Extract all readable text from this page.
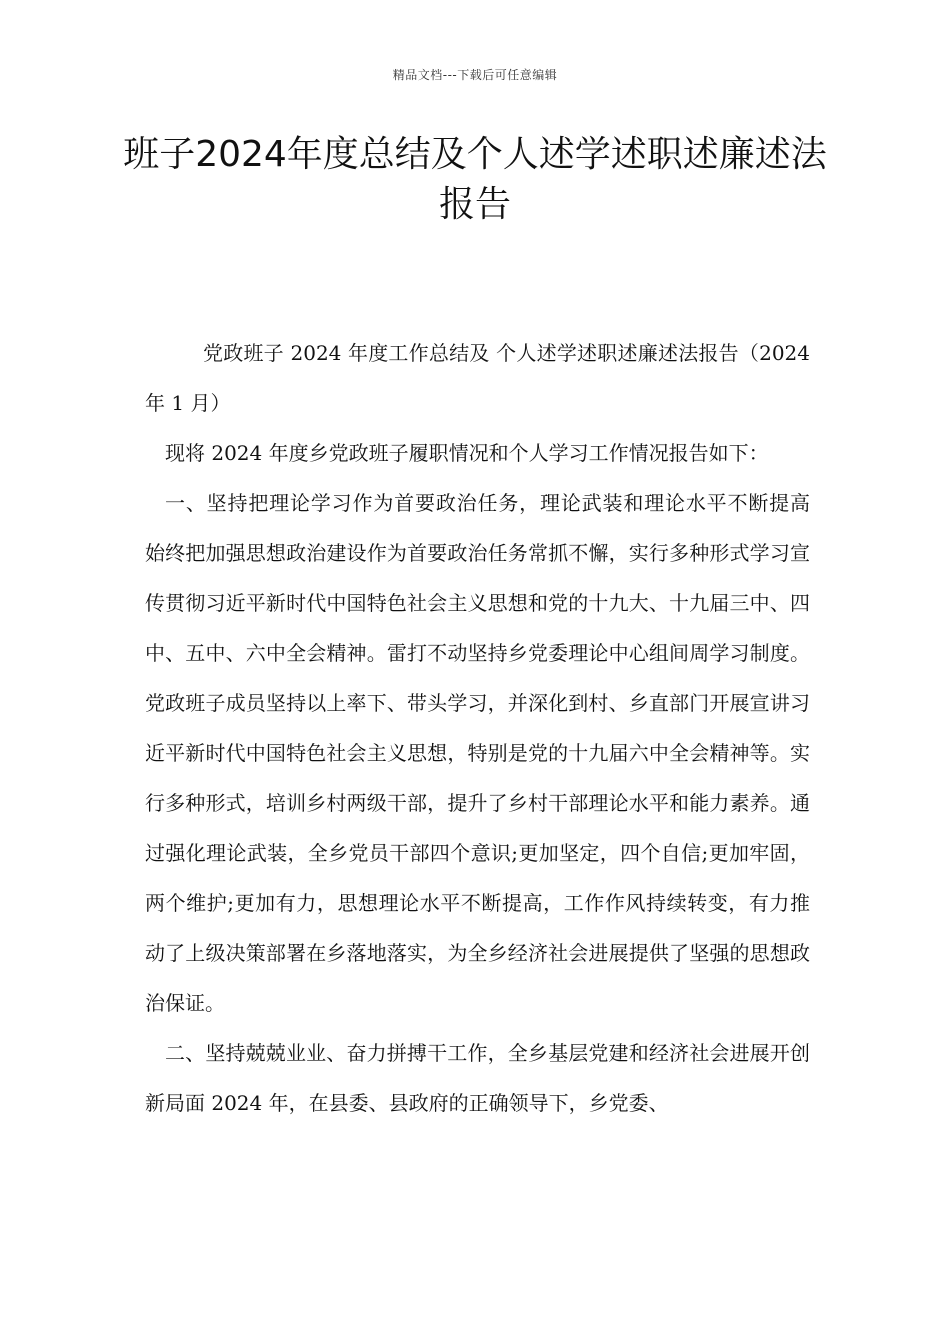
精品文档---下载后可任意编辑
班子2024年度总结及个人述学述职述廉述法报告

党政班子 2024 年度工作总结及 个人述学述职述廉述法报告（2024 年 1 月）

现将 2024 年度乡党政班子履职情况和个人学习工作情况报告如下：

一、坚持把理论学习作为首要政治任务，理论武装和理论水平不断提高 始终把加强思想政治建设作为首要政治任务常抓不懈，实行多种形式学习宣传贯彻习近平新时代中国特色社会主义思想和党的十九大、十九届三中、四中、五中、六中全会精神。雷打不动坚持乡党委理论中心组间周学习制度。党政班子成员坚持以上率下、带头学习，并深化到村、乡直部门开展宣讲习近平新时代中国特色社会主义思想，特别是党的十九届六中全会精神等。实行多种形式，培训乡村两级干部，提升了乡村干部理论水平和能力素养。通过强化理论武装，全乡党员干部四个意识;更加坚定，四个自信;更加牢固，两个维护;更加有力，思想理论水平不断提高，工作作风持续转变，有力推动了上级决策部署在乡落地落实，为全乡经济社会进展提供了坚强的思想政治保证。

二、坚持兢兢业业、奋力拼搏干工作，全乡基层党建和经济社会进展开创新局面 2024 年，在县委、县政府的正确领导下，乡党委、
